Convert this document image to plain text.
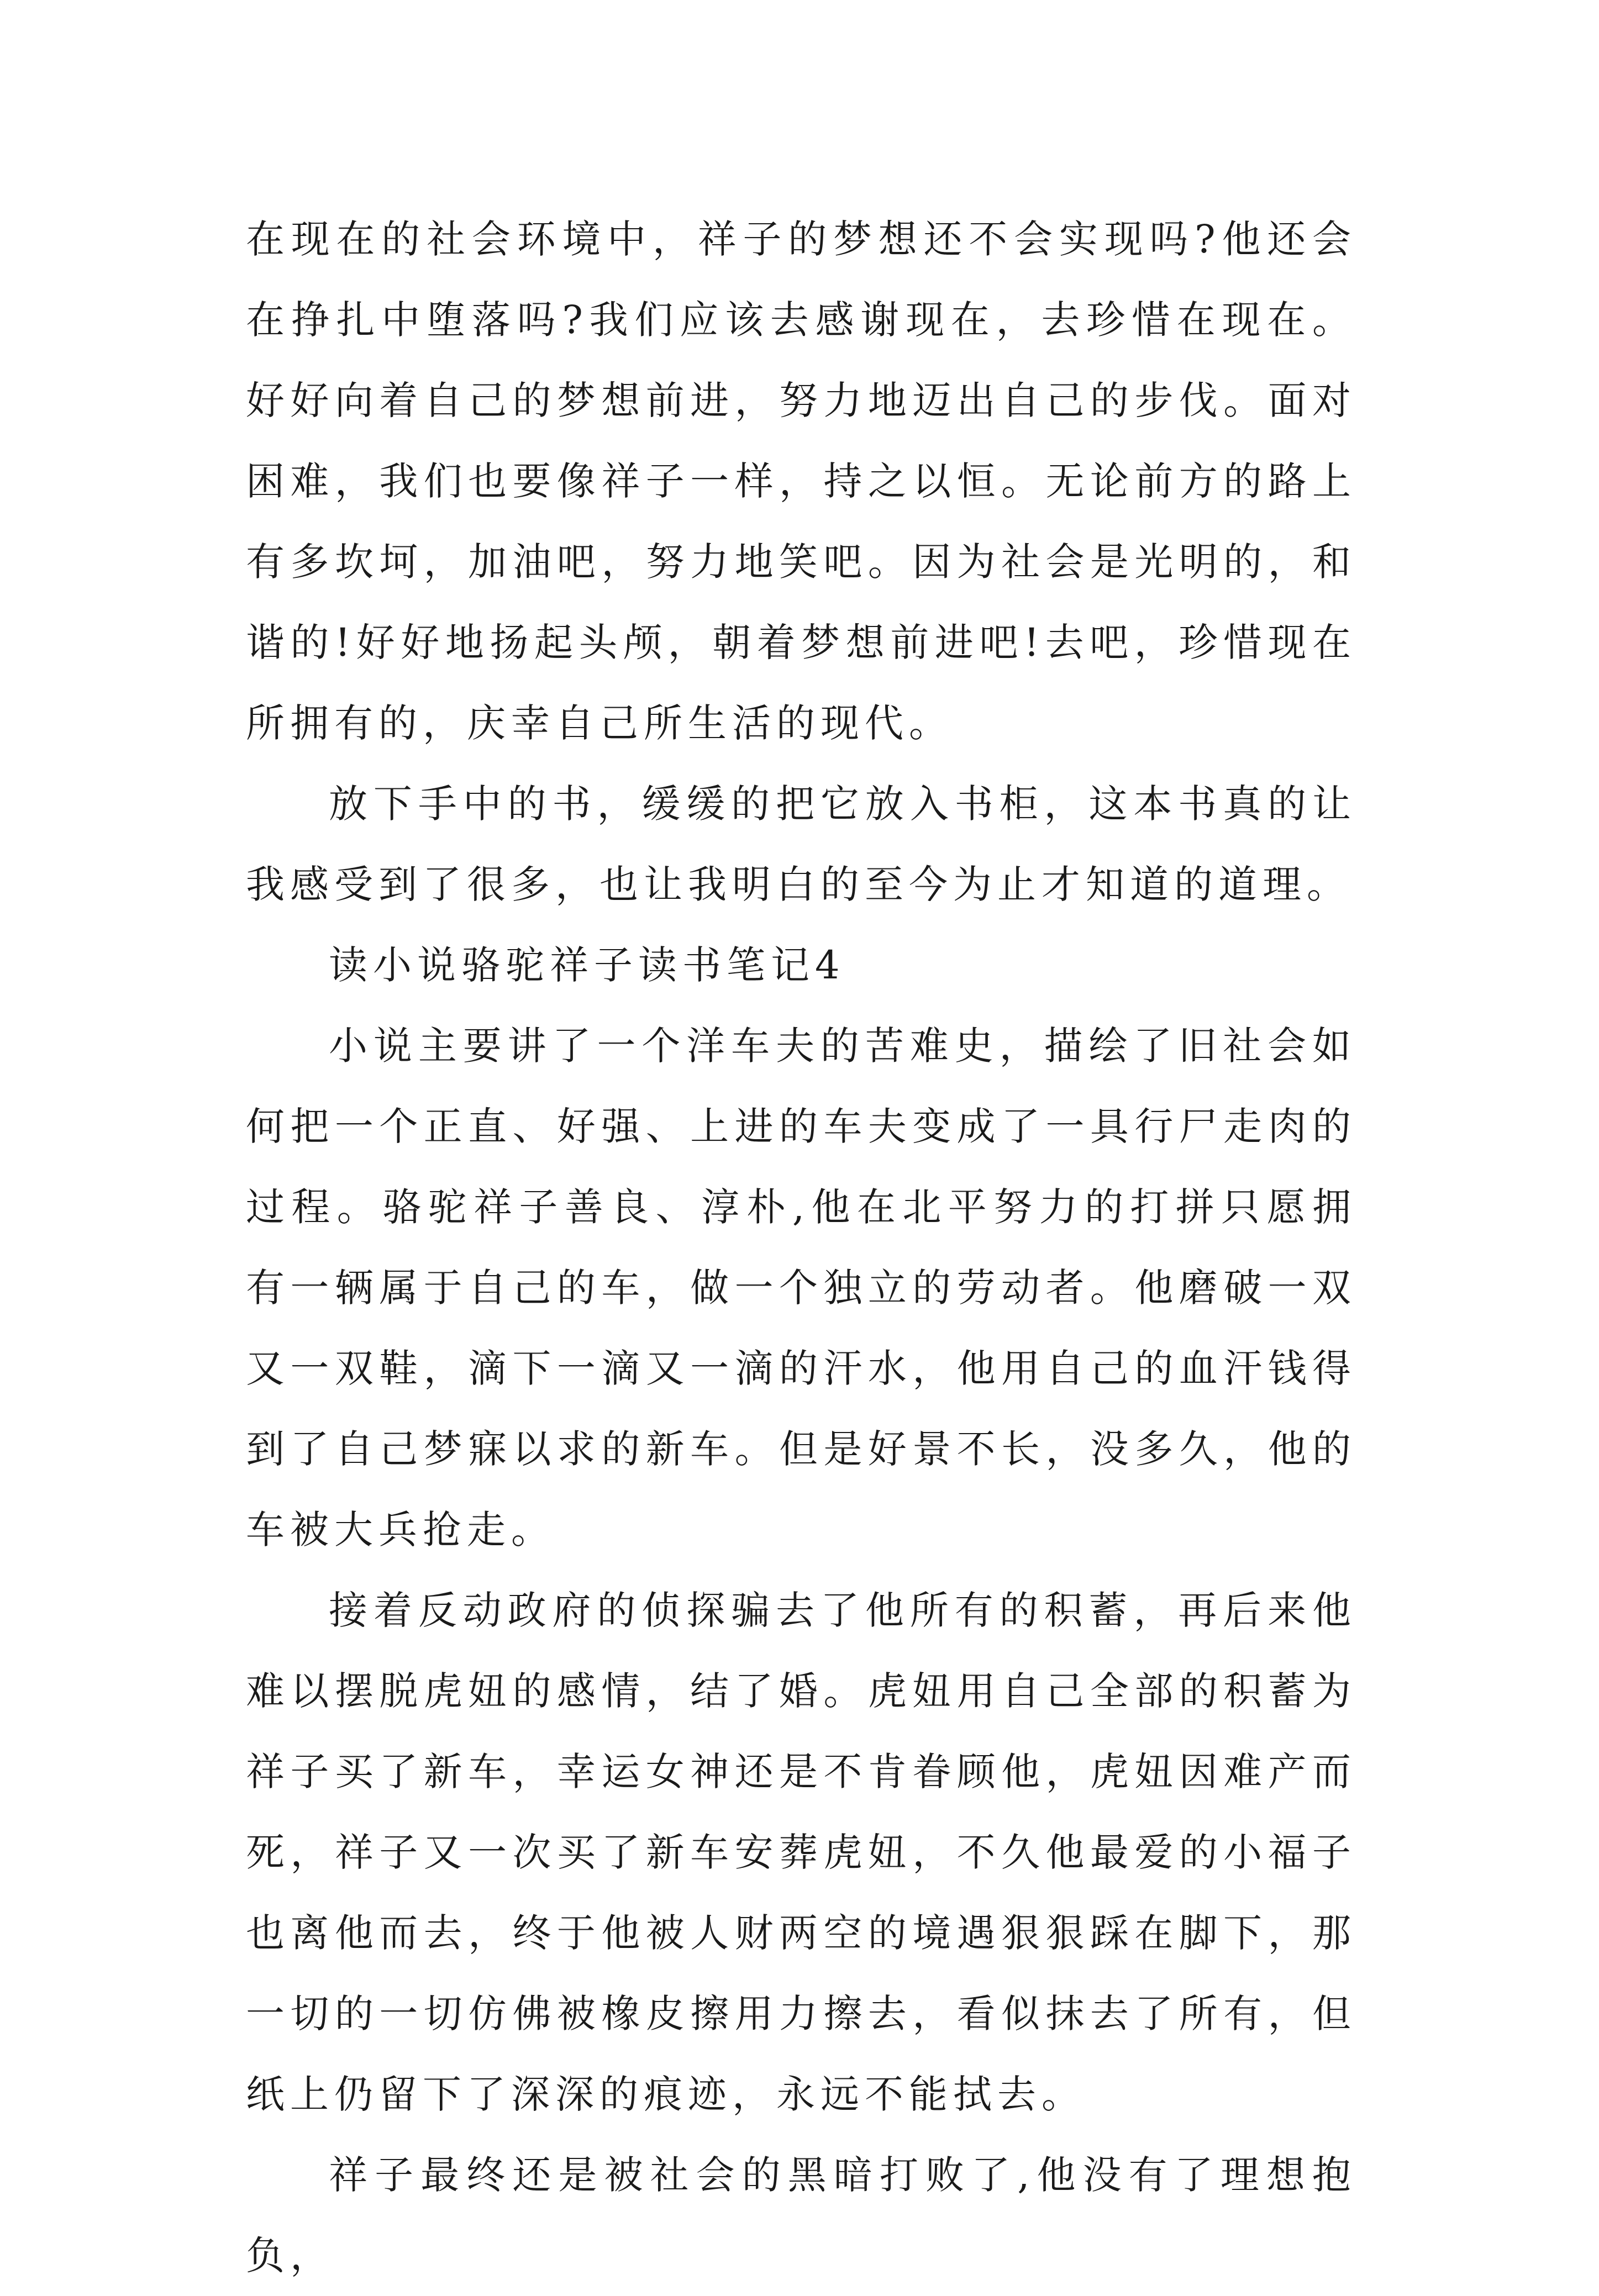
在现在的社会环境中，祥子的梦想还不会实现吗?他还会在挣扎中堕落吗?我们应该去感谢现在，去珍惜在现在。好好向着自己的梦想前进，努力地迈出自己的步伐。面对困难，我们也要像祥子一样，持之以恒。无论前方的路上有多坎坷，加油吧，努力地笑吧。因为社会是光明的，和谐的!好好地扬起头颅，朝着梦想前进吧!去吧，珍惜现在所拥有的，庆幸自己所生活的现代。

放下手中的书，缓缓的把它放入书柜，这本书真的让我感受到了很多，也让我明白的至今为止才知道的道理。

读小说骆驼祥子读书笔记4

小说主要讲了一个洋车夫的苦难史，描绘了旧社会如何把一个正直、好强、上进的车夫变成了一具行尸走肉的过程。骆驼祥子善良、淳朴,他在北平努力的打拼只愿拥有一辆属于自己的车，做一个独立的劳动者。他磨破一双又一双鞋，滴下一滴又一滴的汗水，他用自己的血汗钱得到了自己梦寐以求的新车。但是好景不长，没多久，他的车被大兵抢走。

接着反动政府的侦探骗去了他所有的积蓄，再后来他难以摆脱虎妞的感情，结了婚。虎妞用自己全部的积蓄为祥子买了新车，幸运女神还是不肯眷顾他，虎妞因难产而死，祥子又一次买了新车安葬虎妞，不久他最爱的小福子也离他而去，终于他被人财两空的境遇狠狠踩在脚下，那一切的一切仿佛被橡皮擦用力擦去，看似抹去了所有，但纸上仍留下了深深的痕迹，永远不能拭去。

祥子最终还是被社会的黑暗打败了,他没有了理想抱负，
